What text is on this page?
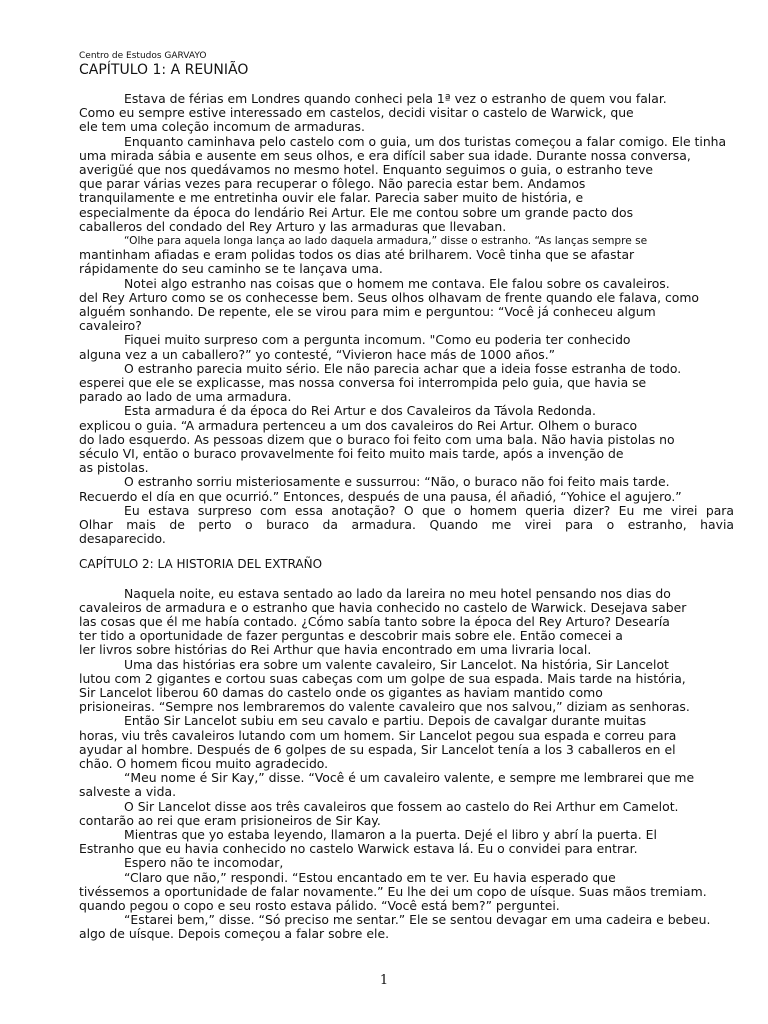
Centro de Estudos GARVAYO

CAPÍTULO 1: A REUNIÃO

Estava de férias em Londres quando conheci pela 1ª vez o estranho de quem vou falar.
Como eu sempre estive interessado em castelos, decidi visitar o castelo de Warwick, que
ele tem uma coleção incomum de armaduras.

Enquanto caminhava pelo castelo com o guia, um dos turistas começou a falar comigo. Ele tinha
uma mirada sábia e ausente em seus olhos, e era difícil saber sua idade. Durante nossa conversa,
averigüé que nos quedávamos no mesmo hotel. Enquanto seguimos o guia, o estranho teve
que parar várias vezes para recuperar o fôlego. Não parecia estar bem. Andamos
tranquilamente e me entretinha ouvir ele falar. Parecia saber muito de história, e
especialmente da época do lendário Rei Artur. Ele me contou sobre um grande pacto dos
caballeros del condado del Rey Arturo y las armaduras que llevaban.

“Olhe para aquela longa lança ao lado daquela armadura,” disse o estranho. “As lanças sempre se
mantinham afiadas e eram polidas todos os dias até brilharem. Você tinha que se afastar
rápidamente do seu caminho se te lançava uma.

Notei algo estranho nas coisas que o homem me contava. Ele falou sobre os cavaleiros.
del Rey Arturo como se os conhecesse bem. Seus olhos olhavam de frente quando ele falava, como
alguém sonhando. De repente, ele se virou para mim e perguntou: “Você já conheceu algum
cavaleiro?

Fiquei muito surpreso com a pergunta incomum. "Como eu poderia ter conhecido
alguna vez a un caballero?” yo contesté, “Vivieron hace más de 1000 años.”

O estranho parecia muito sério. Ele não parecia achar que a ideia fosse estranha de todo.
esperei que ele se explicasse, mas nossa conversa foi interrompida pelo guia, que havia se
parado ao lado de uma armadura.

Esta armadura é da época do Rei Artur e dos Cavaleiros da Távola Redonda.
explicou o guia. “A armadura pertenceu a um dos cavaleiros do Rei Artur. Olhem o buraco
do lado esquerdo. As pessoas dizem que o buraco foi feito com uma bala. Não havia pistolas no
século VI, então o buraco provavelmente foi feito muito mais tarde, após a invenção de
as pistolas.

O estranho sorriu misteriosamente e sussurrou: “Não, o buraco não foi feito mais tarde.
Recuerdo el día en que ocurrió.” Entonces, después de una pausa, él añadió, “Yohice el agujero.”

Eu estava surpreso com essa anotação? O que o homem queria dizer? Eu me virei para
Olhar mais de perto o buraco da armadura. Quando me virei para o estranho, havia
desaparecido.

CAPÍTULO 2: LA HISTORIA DEL EXTRAÑO

Naquela noite, eu estava sentado ao lado da lareira no meu hotel pensando nos dias do
cavaleiros de armadura e o estranho que havia conhecido no castelo de Warwick. Desejava saber
las cosas que él me había contado. ¿Cómo sabía tanto sobre la época del Rey Arturo? Desearía
ter tido a oportunidade de fazer perguntas e descobrir mais sobre ele. Então comecei a
ler livros sobre histórias do Rei Arthur que havia encontrado em uma livraria local.

Uma das histórias era sobre um valente cavaleiro, Sir Lancelot. Na história, Sir Lancelot
lutou com 2 gigantes e cortou suas cabeças com um golpe de sua espada. Mais tarde na história,
Sir Lancelot liberou 60 damas do castelo onde os gigantes as haviam mantido como
prisioneiras. “Sempre nos lembraremos do valente cavaleiro que nos salvou,” diziam as senhoras.

Então Sir Lancelot subiu em seu cavalo e partiu. Depois de cavalgar durante muitas
horas, viu três cavaleiros lutando com um homem. Sir Lancelot pegou sua espada e correu para
ayudar al hombre. Después de 6 golpes de su espada, Sir Lancelot tenía a los 3 caballeros en el
chão. O homem ficou muito agradecido.

“Meu nome é Sir Kay,” disse. “Você é um cavaleiro valente, e sempre me lembrarei que me
salveste a vida.

O Sir Lancelot disse aos três cavaleiros que fossem ao castelo do Rei Arthur em Camelot.
contarão ao rei que eram prisioneiros de Sir Kay.

Mientras que yo estaba leyendo, llamaron a la puerta. Dejé el libro y abrí la puerta. El
Estranho que eu havia conhecido no castelo Warwick estava lá. Eu o convidei para entrar.

Espero não te incomodar,

“Claro que não,” respondi. “Estou encantado em te ver. Eu havia esperado que
tivéssemos a oportunidade de falar novamente.” Eu lhe dei um copo de uísque. Suas mãos tremiam.
quando pegou o copo e seu rosto estava pálido. “Você está bem?” perguntei.

“Estarei bem,” disse. “Só preciso me sentar.” Ele se sentou devagar em uma cadeira e bebeu.
algo de uísque. Depois começou a falar sobre ele.

1
